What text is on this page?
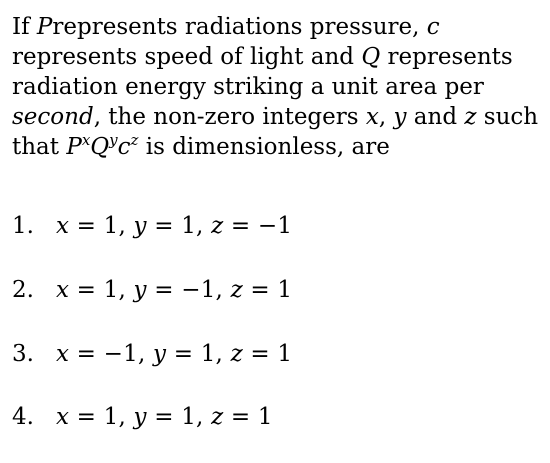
If Prepresents radiations pressure, c
represents speed of light and Q represents
radiation energy striking a unit area per
second, the non-zero integers x, y and z such
that $P^xQ^yc^z$ is dimensionless, are
1. x = 1, y = 1, z = −1
2. x = 1, y = −1, z = 1
3. x = −1, y = 1, z = 1
4. x = 1, y = 1, z = 1
